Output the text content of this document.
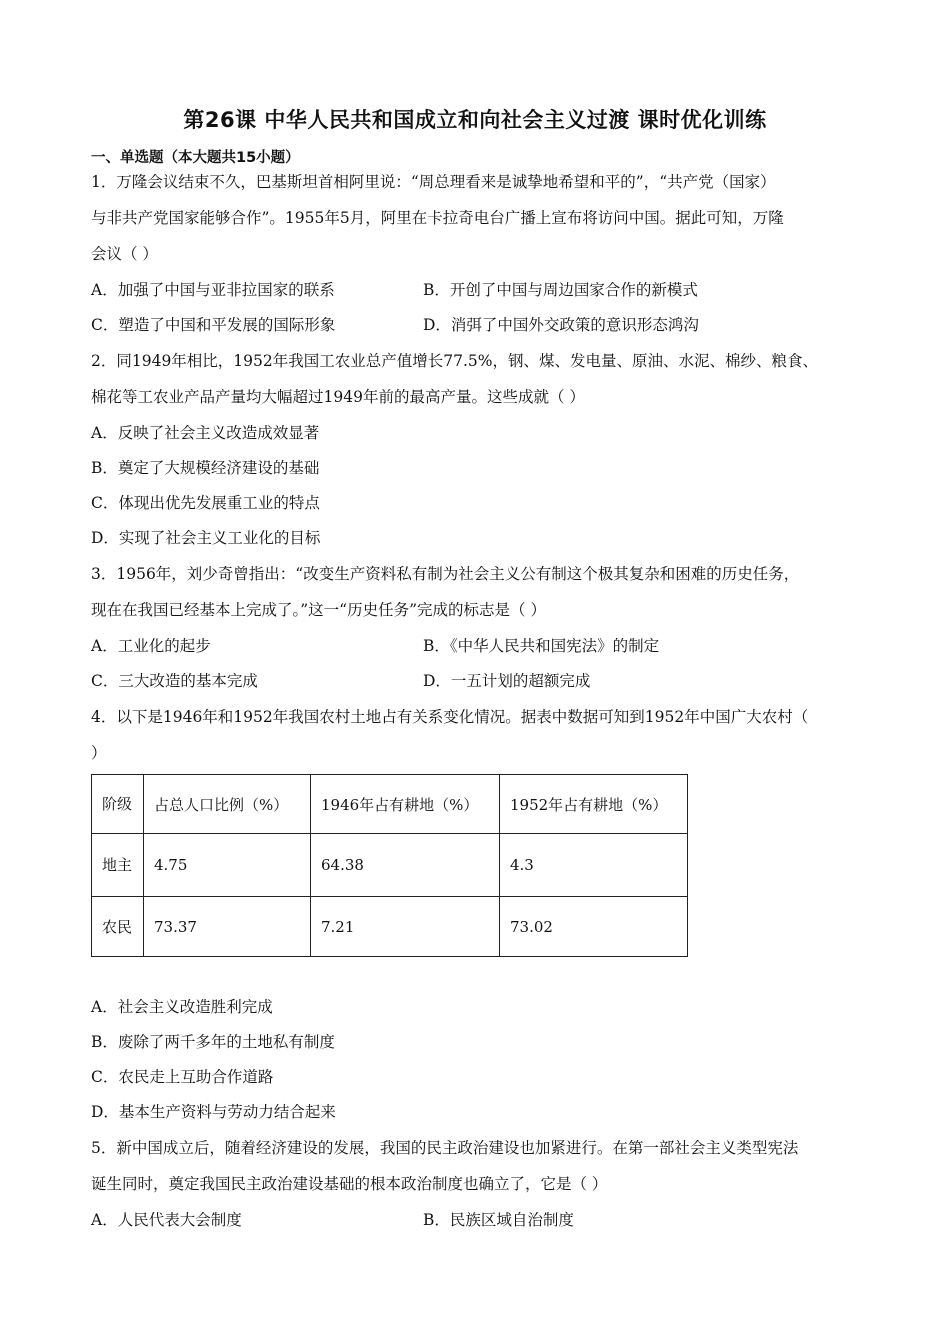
第26课 中华人民共和国成立和向社会主义过渡 课时优化训练
一、单选题（本大题共15小题）
1．万隆会议结束不久，巴基斯坦首相阿里说：“周总理看来是诚挚地希望和平的”，“共产党（国家）
与非共产党国家能够合作”。1955年5月，阿里在卡拉奇电台广播上宣布将访问中国。据此可知，万隆
会议（ ）
A．加强了中国与亚非拉国家的联系	B．开创了中国与周边国家合作的新模式
C．塑造了中国和平发展的国际形象	D．消弭了中国外交政策的意识形态鸿沟
2．同1949年相比，1952年我国工农业总产值增长77.5%，钢、煤、发电量、原油、水泥、棉纱、粮食、
棉花等工农业产品产量均大幅超过1949年前的最高产量。这些成就（ ）
A．反映了社会主义改造成效显著
B．奠定了大规模经济建设的基础
C．体现出优先发展重工业的特点
D．实现了社会主义工业化的目标
3．1956年，刘少奇曾指出：“改变生产资料私有制为社会主义公有制这个极其复杂和困难的历史任务，
现在在我国已经基本上完成了。”这一“历史任务”完成的标志是（ ）
A．工业化的起步	B．《中华人民共和国宪法》的制定
C．三大改造的基本完成	D．一五计划的超额完成
4．以下是1946年和1952年我国农村土地占有关系变化情况。据表中数据可知到1952年中国广大农村（
）
阶级	占总人口比例（%）	1946年占有耕地（%）	1952年占有耕地（%）
地主	4.75	64.38	4.3
农民	73.37	7.21	73.02
A．社会主义改造胜利完成
B．废除了两千多年的土地私有制度
C．农民走上互助合作道路
D．基本生产资料与劳动力结合起来
5．新中国成立后，随着经济建设的发展，我国的民主政治建设也加紧进行。在第一部社会主义类型宪法
诞生同时，奠定我国民主政治建设基础的根本政治制度也确立了，它是（ ）
A．人民代表大会制度	B．民族区域自治制度
